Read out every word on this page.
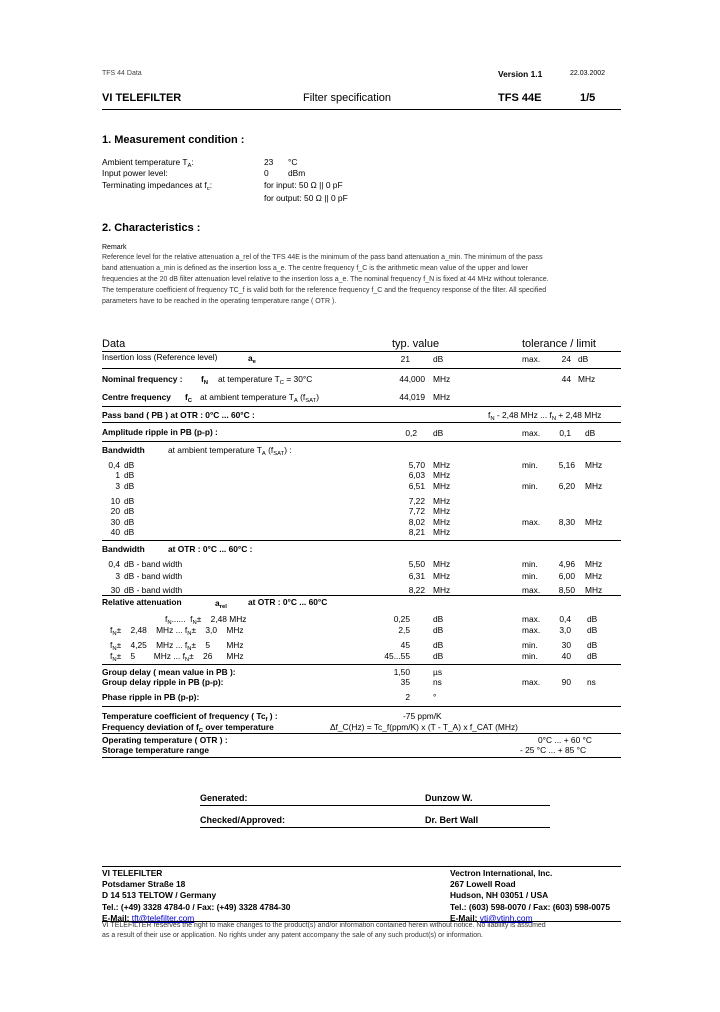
TFS 44 Data	Version 1.1	22.03.2002
VI TELEFILTER	Filter specification	TFS 44E	1/5
1. Measurement condition :
Ambient temperature $T_A$:	23 °C
Input power level:	0 dBm
Terminating impedances at $f_c$:	for input: 50 Ω || 0 pF
for output: 50 Ω || 0 pF
2. Characteristics :
Remark
Reference level for the relative attenuation a_rel of the TFS 44E is the minimum of the pass band attenuation a_min. The minimum of the pass
band attenuation a_min is defined as the insertion loss a_e. The centre frequency f_C is the arithmetic mean value of the upper and lower
frequencies at the 20 dB filter attenuation level relative to the insertion loss a_e. The nominal frequency f_N is fixed at 44 MHz without tolerance.
The temperature coefficient of frequency TC_f is valid both for the reference frequency f_C and the frequency response of the filter. All specified
parameters have to be reached in the operating temperature range ( OTR ).
Data	typ. value	tolerance / limit
Insertion loss (Reference level)	$a_e$	21	dB	max.	24 dB
Nominal frequency : $f_N$ at temperature $T_C = 30^\circ C$	44,000 MHz	44 MHz
Centre frequency $f_C$ at ambient temperature $T_A$ $(f_{SAT})$	44,019 MHz
Pass band ( PB ) at OTR : 0°C ... 60°C :	$f_N - 2,48$ MHz ... $f_N + 2,48$ MHz
Amplitude ripple in PB (p-p) :	0,2 dB	max.	0,1 dB
Bandwidth	at ambient temperature $T_A$ $(f_{SAT})$ :
0,4 dB	5,70 MHz	min.	5,16 MHz
1 dB	6,03 MHz
3 dB	6,51 MHz	min.	6,20 MHz
10 dB	7,22 MHz
20 dB	7,72 MHz
30 dB	8,02 MHz	max.	8,30 MHz
40 dB	8,21 MHz
Bandwidth	at OTR : 0°C ... 60°C :
0,4 dB - band width	5,50 MHz	min.	4,96 MHz
3 dB - band width	6,31 MHz	min.	6,00 MHz
30 dB - band width	8,22 MHz	max.	8,50 MHz
Relative attenuation	$a_{rel}$	at OTR : 0°C ... 60°C
$f_N$......  $f_N\pm$    2,48 MHz	0,25	dB	max.	0,4 dB
$f_N\pm$    2,48    MHz ... $f_N\pm$    3,0    MHz	2,5	dB	max.	3,0 dB
$f_N\pm$    4,25    MHz ... $f_N\pm$    5       MHz	45	dB	min.	30 dB
$f_N\pm$    5        MHz ... $f_N\pm$    26      MHz	45...55	dB	min.	40 dB
Group delay ( mean value in PB ):	1,50	µs
Group delay ripple in PB (p-p):	35	ns	max.	90 ns
Phase ripple in PB (p-p):	2	°
Temperature coefficient of frequency ( $Tc_f$ ) :	-75 ppm/K
Frequency deviation of $f_C$ over temperature	Δf_C(Hz) = Tc_f(ppm/K) x (T - T_A) x f_CAT (MHz)
Operating temperature ( OTR ) :	0°C ... + 60 °C
Storage temperature range	- 25 °C ... + 85 °C
Generated:	Dunzow W.
Checked/Approved:	Dr. Bert Wall
VI TELEFILTER
Potsdamer Straße 18
D 14 513 TELTOW / Germany
Tel.: (+49) 3328 4784-0 / Fax: (+49) 3328 4784-30
E-Mail: tft@telefilter.com
Vectron International, Inc.
267 Lowell Road
Hudson, NH 03051 / USA
Tel.: (603) 598-0070 / Fax: (603) 598-0075
E-Mail: vti@vtinh.com
VI TELEFILTER reserves the right to make changes to the product(s) and/or information contained herein without notice. No liability is assumed
as a result of their use or application. No rights under any patent accompany the sale of any such product(s) or information.
